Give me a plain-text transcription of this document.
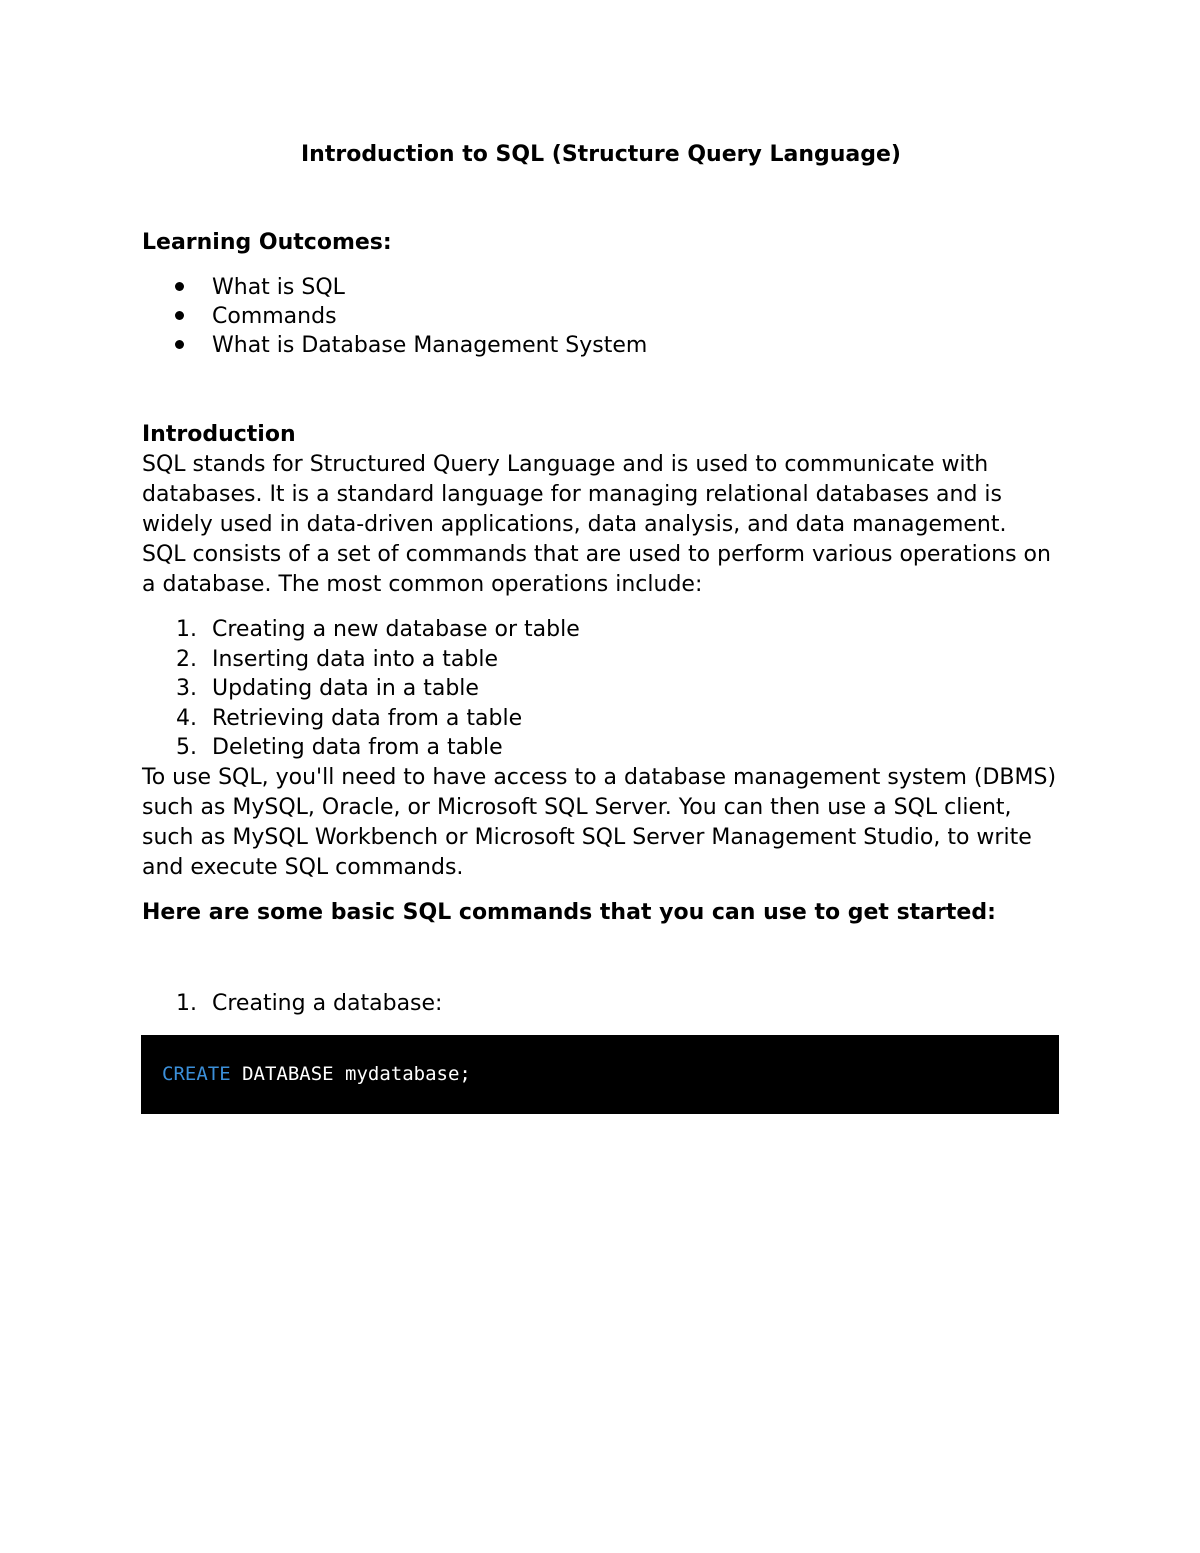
Introduction to SQL (Structure Query Language)
Learning Outcomes:
What is SQL
Commands
What is Database Management System
Introduction

SQL stands for Structured Query Language and is used to communicate with databases. It is a standard language for managing relational databases and is widely used in data-driven applications, data analysis, and data management.

SQL consists of a set of commands that are used to perform various operations on a database. The most common operations include:

1. Creating a new database or table
2. Inserting data into a table
3. Updating data in a table
4. Retrieving data from a table
5. Deleting data from a table

To use SQL, you'll need to have access to a database management system (DBMS) such as MySQL, Oracle, or Microsoft SQL Server. You can then use a SQL client, such as MySQL Workbench or Microsoft SQL Server Management Studio, to write and execute SQL commands.

Here are some basic SQL commands that you can use to get started:
1. Creating a database:
CREATE DATABASE mydatabase;
